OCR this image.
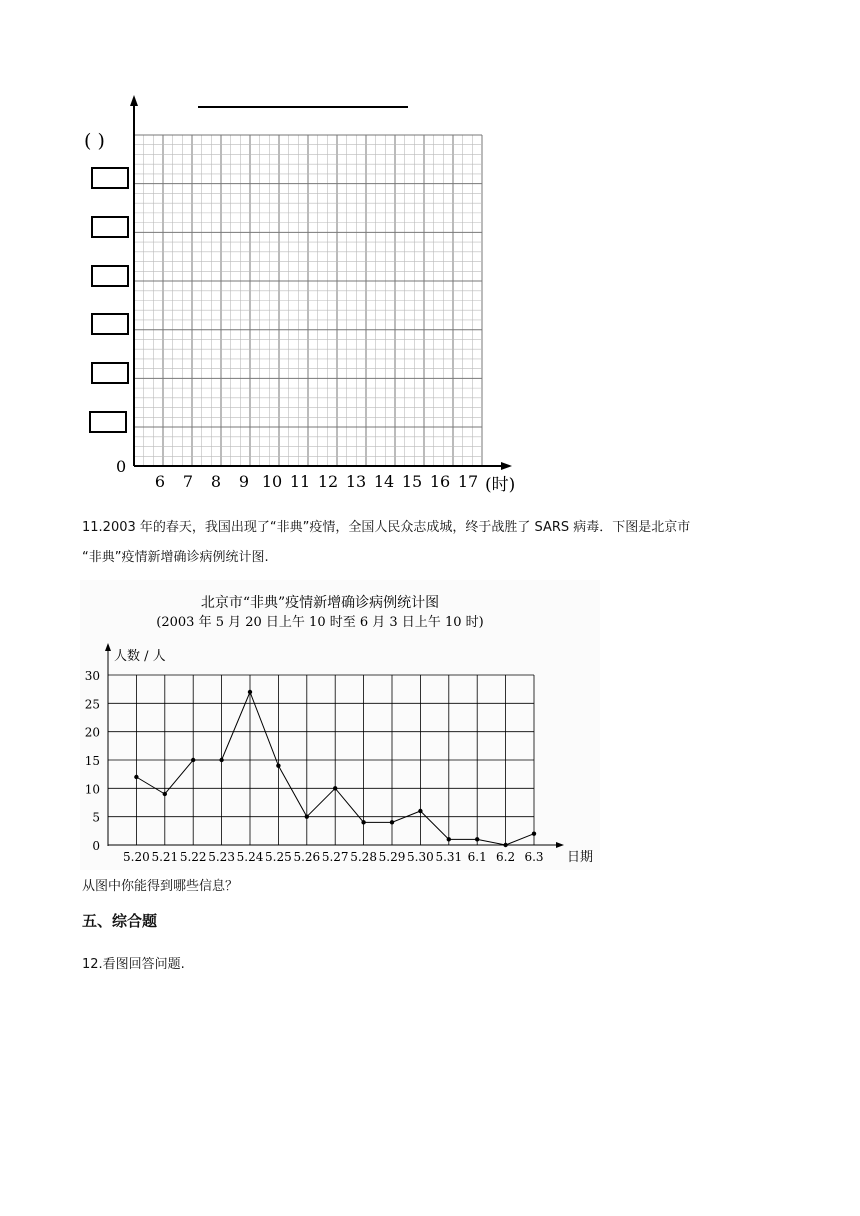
( )
0
6 7 8 9 10 11 12 13 14 15 16 17 (时)

11.2003 年的春天，我国出现了“非典”疫情，全国人民众志成城，终于战胜了 SARS 病毒．下图是北京市

“非典”疫情新增确诊病例统计图.

北京市“非典”疫情新增确诊病例统计图
(2003 年 5 月 20 日上午 10 时至 6 月 3 日上午 10 时)
人数 / 人
日期
0
5
10
15
20
25
30
5.20 5.21 5.22 5.23 5.24 5.25 5.26 5.27 5.28 5.29 5.30 5.31 6.1 6.2 6.3

从图中你能得到哪些信息？

五、综合题

12.看图回答问题.
